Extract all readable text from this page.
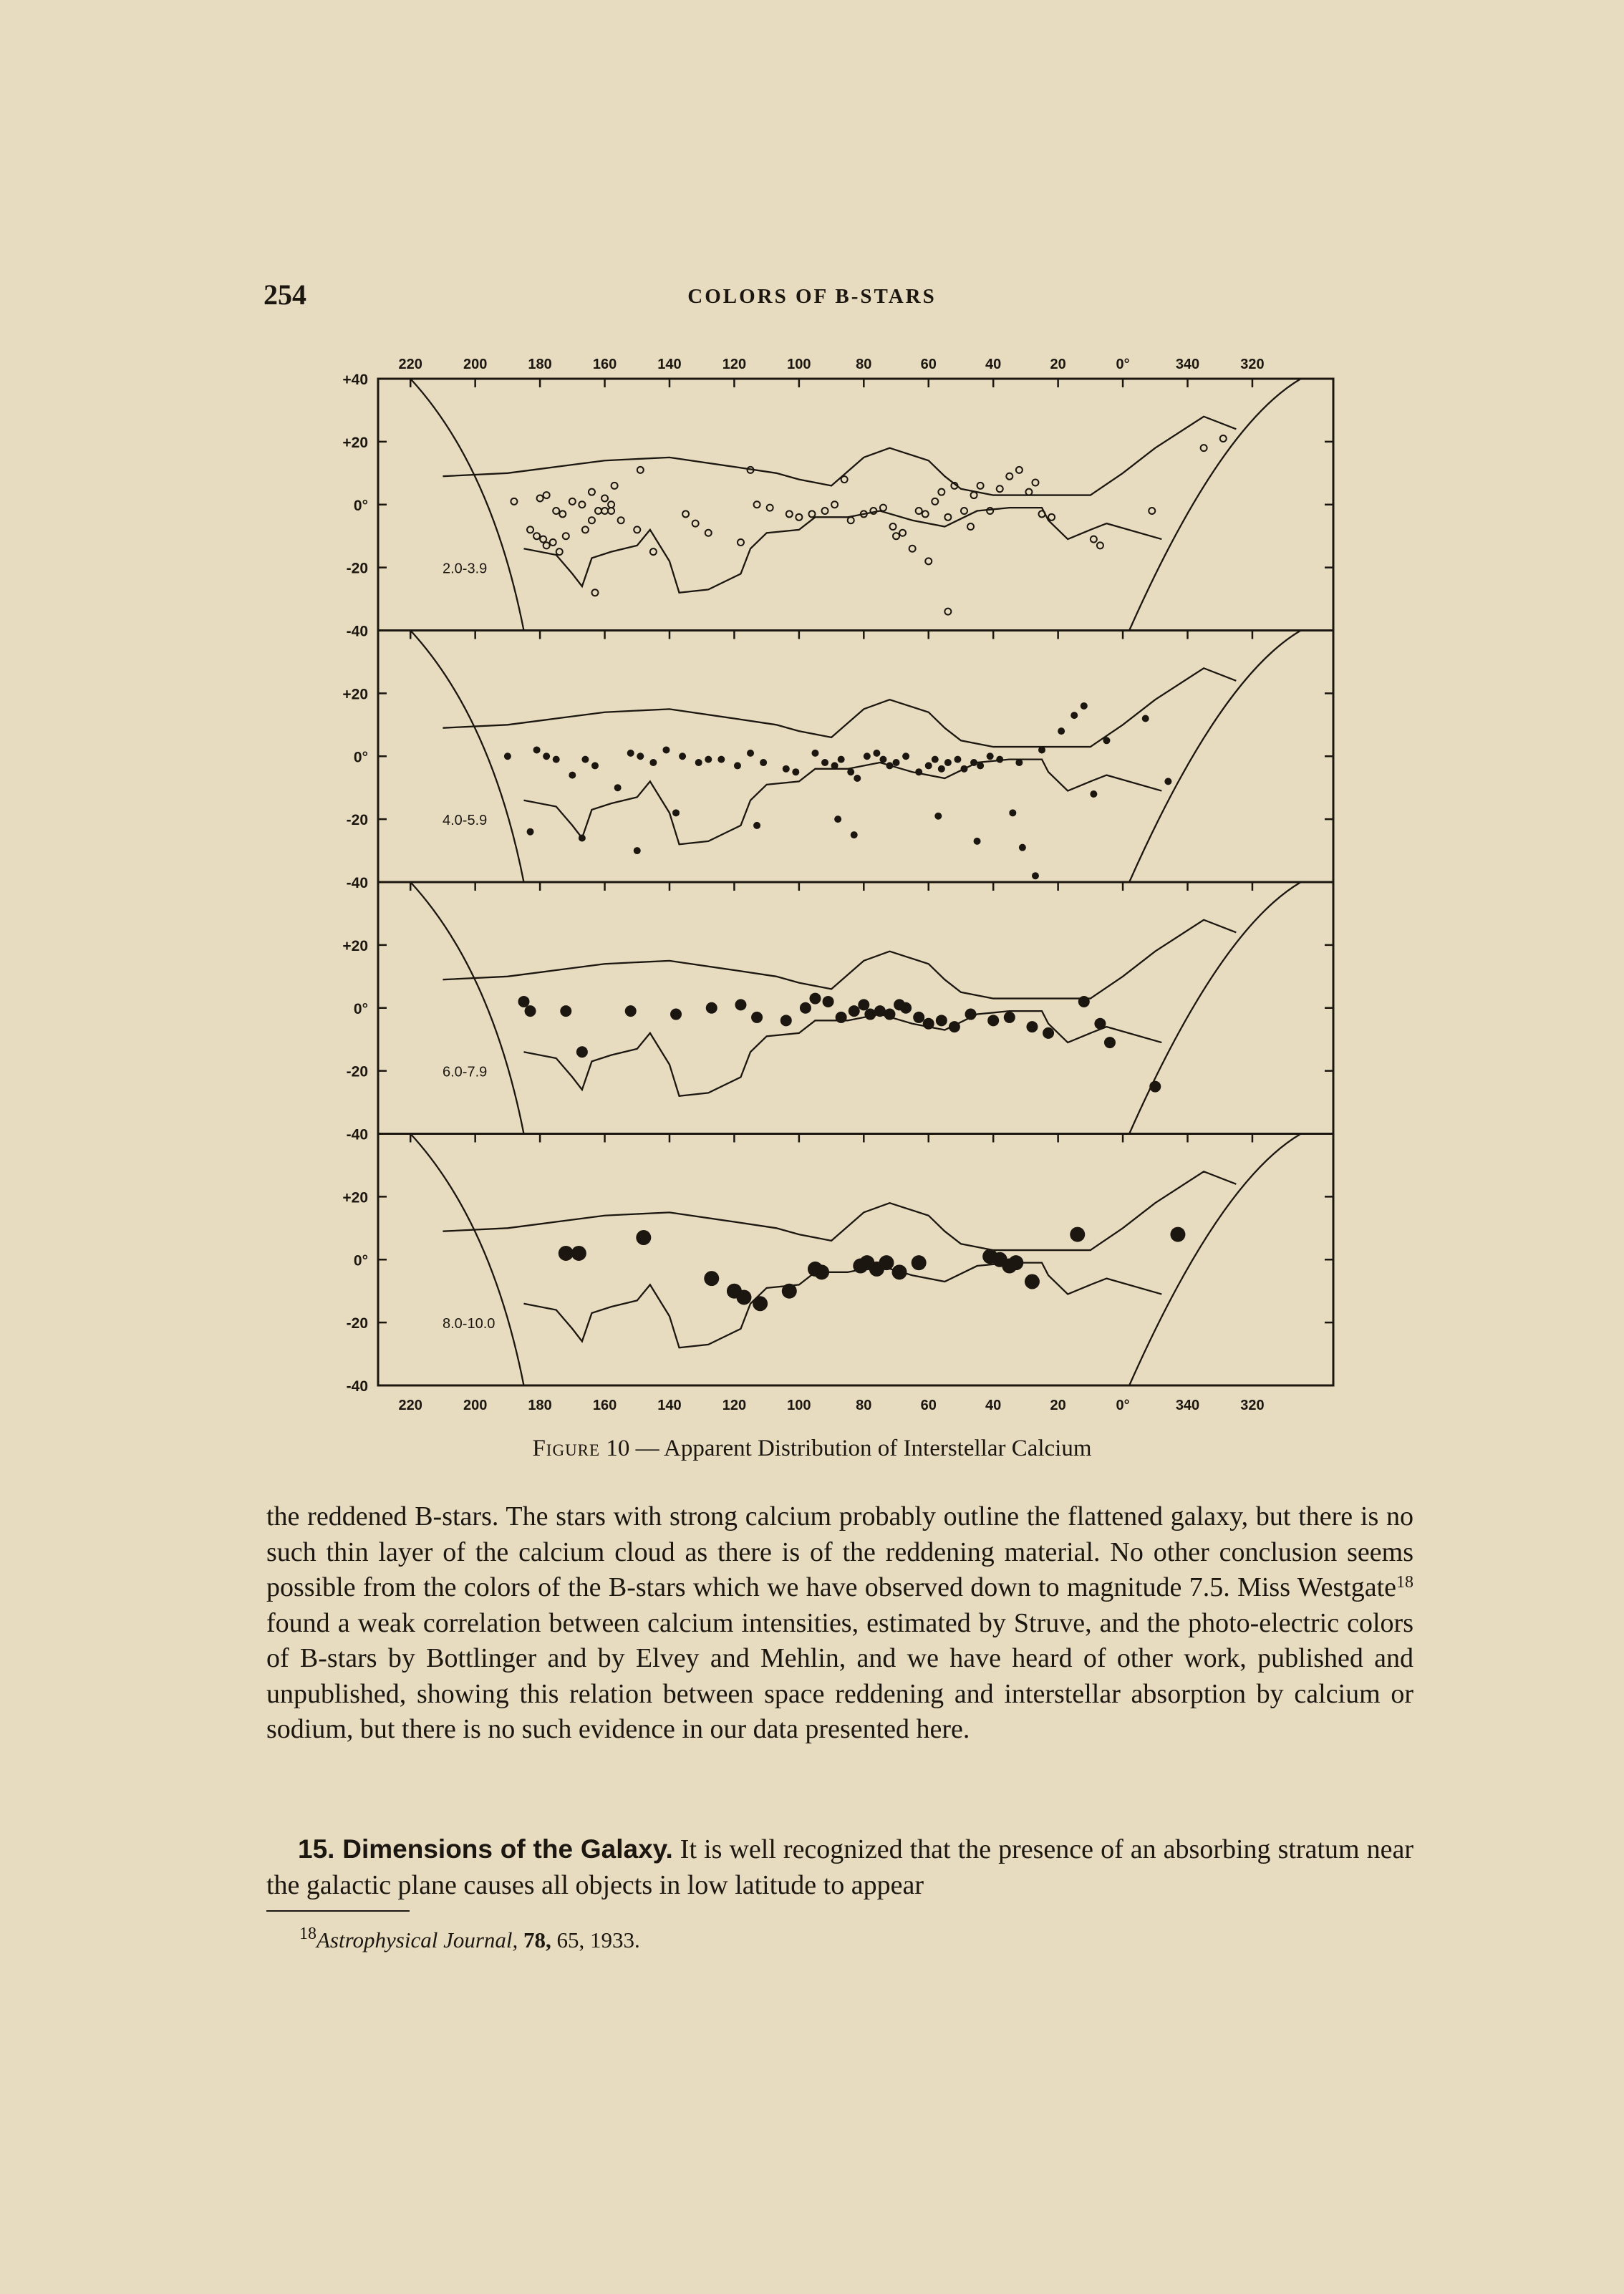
254	COLORS OF B-STARS
2.0-3.9
4.0-5.9
6.0-7.9
8.0-10.0
+40
+20
0°
-20
-40
+20
0°
-20
-40
+20
0°
-20
-40
+20
0°
-20
-40
220
220
200
200
180
180
160
160
140
140
120
120
100
100
80
80
60
60
40
40
20
20
0°
0°
340
340
320
320
Figure 10 — Apparent Distribution of Interstellar Calcium
the reddened B-stars. The stars with strong calcium probably outline the flattened galaxy, but there is no such thin layer of the calcium cloud as there is of the reddening material. No other conclusion seems possible from the colors of the B-stars which we have observed down to magnitude 7.5. Miss Westgate$^{18}$ found a weak correlation between calcium intensities, estimated by Struve, and the photo-electric colors of B-stars by Bottlinger and by Elvey and Mehlin, and we have heard of other work, published and unpublished, showing this relation between space reddening and interstellar absorption by calcium or sodium, but there is no such evidence in our data presented here.
15. Dimensions of the Galaxy. It is well recognized that the presence of an absorbing stratum near the galactic plane causes all objects in low latitude to appear
$^{18}$Astrophysical Journal, 78, 65, 1933.
